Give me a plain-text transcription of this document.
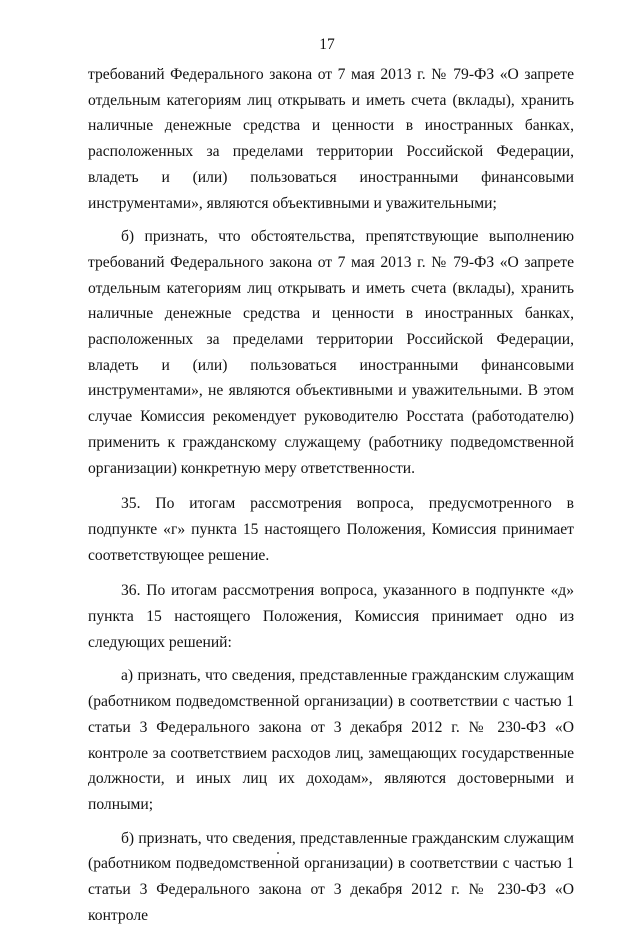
17

требований Федерального закона от 7 мая 2013 г. № 79-ФЗ «О запрете отдельным категориям лиц открывать и иметь счета (вклады), хранить наличные денежные средства и ценности в иностранных банках, расположенных за пределами территории Российской Федерации, владеть и (или) пользоваться иностранными финансовыми инструментами», являются объективными и уважительными;

б) признать, что обстоятельства, препятствующие выполнению требований Федерального закона от 7 мая 2013 г. № 79-ФЗ «О запрете отдельным категориям лиц открывать и иметь счета (вклады), хранить наличные денежные средства и ценности в иностранных банках, расположенных за пределами территории Российской Федерации, владеть и (или) пользоваться иностранными финансовыми инструментами», не являются объективными и уважительными. В этом случае Комиссия рекомендует руководителю Росстата (работодателю) применить к гражданскому служащему (работнику подведомственной организации) конкретную меру ответственности.

35. По итогам рассмотрения вопроса, предусмотренного в подпункте «г» пункта 15 настоящего Положения, Комиссия принимает соответствующее решение.

36. По итогам рассмотрения вопроса, указанного в подпункте «д» пункта 15 настоящего Положения, Комиссия принимает одно из следующих решений:

а) признать, что сведения, представленные гражданским служащим (работником подведомственной организации) в соответствии с частью 1 статьи 3 Федерального закона от 3 декабря 2012 г. № 230-ФЗ «О контроле за соответствием расходов лиц, замещающих государственные должности, и иных лиц их доходам», являются достоверными и полными;

б) признать, что сведения, представленные гражданским служащим (работником подведомственной организации) в соответствии с частью 1 статьи 3 Федерального закона от 3 декабря 2012 г. № 230-ФЗ «О контроле
